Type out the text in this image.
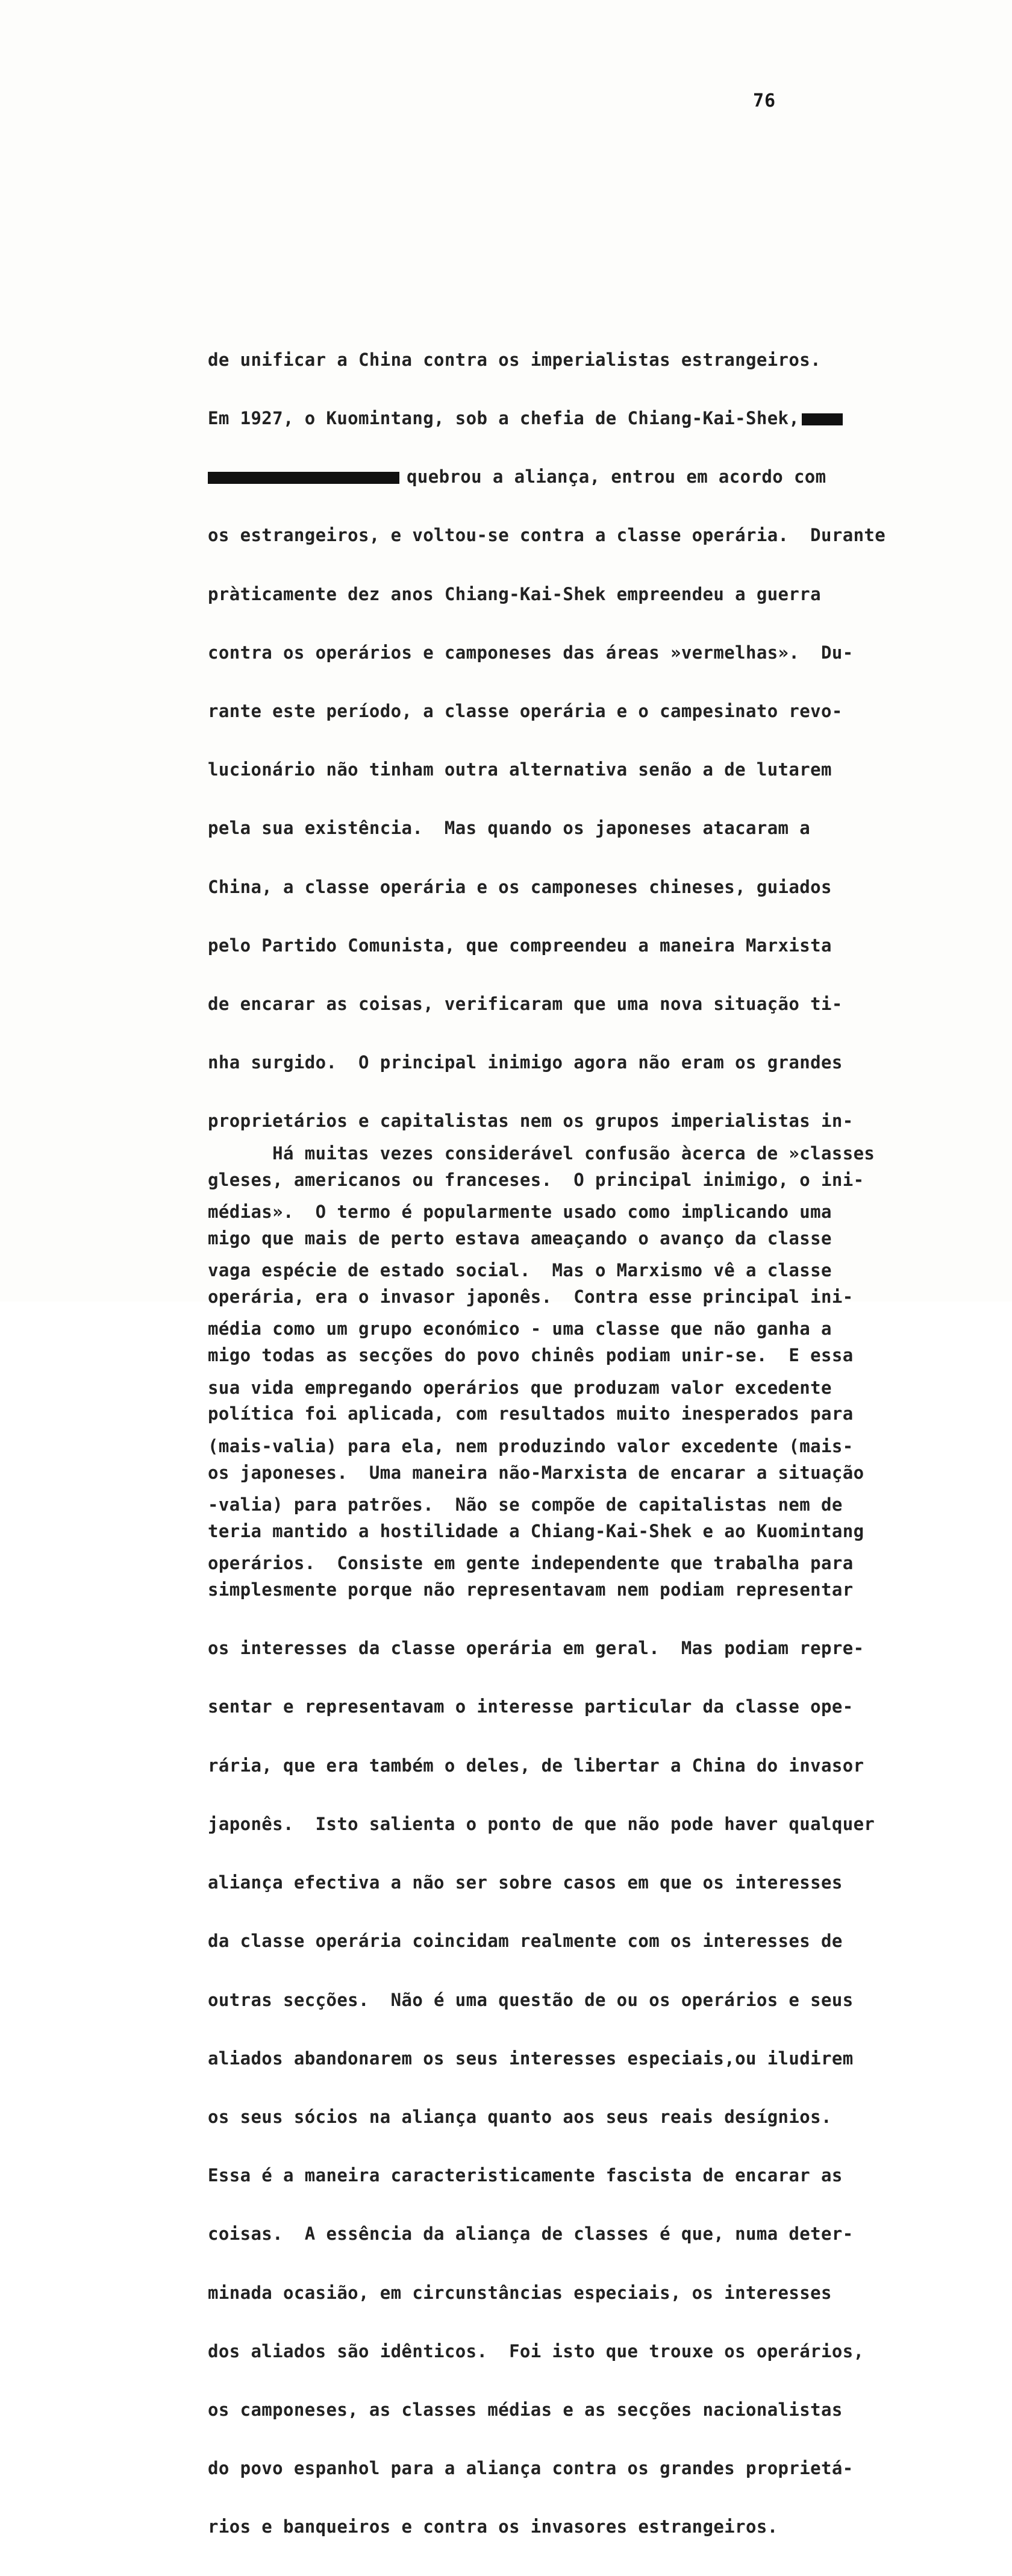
76

de unificar a China contra os imperialistas estrangeiros.

Em 1927, o Kuomintang, sob a chefia de Chiang-Kai-Shek,

quebrou a aliança, entrou em acordo com

os estrangeiros, e voltou-se contra a classe operária.  Durante

pràticamente dez anos Chiang-Kai-Shek empreendeu a guerra

contra os operários e camponeses das áreas »vermelhas».  Du-

rante este período, a classe operária e o campesinato revo-

lucionário não tinham outra alternativa senão a de lutarem

pela sua existência.  Mas quando os japoneses atacaram a

China, a classe operária e os camponeses chineses, guiados

pelo Partido Comunista, que compreendeu a maneira Marxista

de encarar as coisas, verificaram que uma nova situação ti-

nha surgido.  O principal inimigo agora não eram os grandes

proprietários e capitalistas nem os grupos imperialistas in-

gleses, americanos ou franceses.  O principal inimigo, o ini-

migo que mais de perto estava ameaçando o avanço da classe

operária, era o invasor japonês.  Contra esse principal ini-

migo todas as secções do povo chinês podiam unir-se.  E essa

política foi aplicada, com resultados muito inesperados para

os japoneses.  Uma maneira não-Marxista de encarar a situação

teria mantido a hostilidade a Chiang-Kai-Shek e ao Kuomintang

simplesmente porque não representavam nem podiam representar

os interesses da classe operária em geral.  Mas podiam repre-

sentar e representavam o interesse particular da classe ope-

rária, que era também o deles, de libertar a China do invasor

japonês.  Isto salienta o ponto de que não pode haver qualquer

aliança efectiva a não ser sobre casos em que os interesses

da classe operária coincidam realmente com os interesses de

outras secções.  Não é uma questão de ou os operários e seus

aliados abandonarem os seus interesses especiais,ou iludirem

os seus sócios na aliança quanto aos seus reais desígnios.

Essa é a maneira caracteristicamente fascista de encarar as

coisas.  A essência da aliança de classes é que, numa deter-

minada ocasião, em circunstâncias especiais, os interesses

dos aliados são idênticos.  Foi isto que trouxe os operários,

os camponeses, as classes médias e as secções nacionalistas

do povo espanhol para a aliança contra os grandes proprietá-

rios e banqueiros e contra os invasores estrangeiros.

Há muitas vezes considerável confusão àcerca de »classes

médias».  O termo é popularmente usado como implicando uma

vaga espécie de estado social.  Mas o Marxismo vê a classe

média como um grupo económico - uma classe que não ganha a

sua vida empregando operários que produzam valor excedente

(mais-valia) para ela, nem produzindo valor excedente (mais-

-valia) para patrões.  Não se compõe de capitalistas nem de

operários.  Consiste em gente independente que trabalha para
